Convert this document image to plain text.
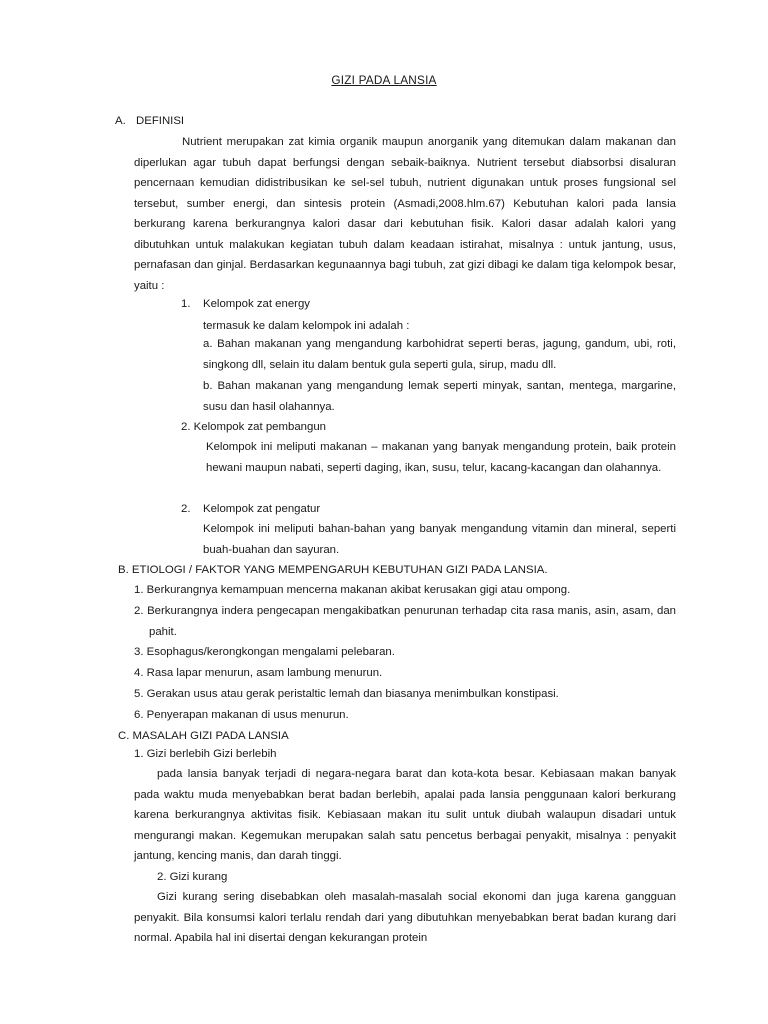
GIZI PADA LANSIA
A. DEFINISI
Nutrient merupakan zat kimia organik maupun anorganik yang ditemukan dalam makanan dan diperlukan agar tubuh dapat berfungsi dengan sebaik-baiknya. Nutrient tersebut diabsorbsi disaluran pencernaan kemudian didistribusikan ke sel-sel tubuh, nutrient digunakan untuk proses fungsional sel tersebut, sumber energi, dan sintesis protein (Asmadi,2008.hlm.67) Kebutuhan kalori pada lansia berkurang karena berkurangnya kalori dasar dari kebutuhan fisik. Kalori dasar adalah kalori yang dibutuhkan untuk malakukan kegiatan tubuh dalam keadaan istirahat, misalnya : untuk jantung, usus, pernafasan dan ginjal. Berdasarkan kegunaannya bagi tubuh, zat gizi dibagi ke dalam tiga kelompok besar, yaitu :
1. Kelompok zat energy
termasuk ke dalam kelompok ini adalah :
a. Bahan makanan yang mengandung karbohidrat seperti beras, jagung, gandum, ubi, roti, singkong dll, selain itu dalam bentuk gula seperti gula, sirup, madu dll.
b. Bahan makanan yang mengandung lemak seperti minyak, santan, mentega, margarine, susu dan hasil olahannya.
2. Kelompok zat pembangun
Kelompok ini meliputi makanan – makanan yang banyak mengandung protein, baik protein hewani maupun nabati, seperti daging, ikan, susu, telur, kacang-kacangan dan olahannya.
2. Kelompok zat pengatur
Kelompok ini meliputi bahan-bahan yang banyak mengandung vitamin dan mineral, seperti buah-buahan dan sayuran.
B. ETIOLOGI / FAKTOR YANG MEMPENGARUH KEBUTUHAN GIZI PADA LANSIA.
1. Berkurangnya kemampuan mencerna makanan akibat kerusakan gigi atau ompong.

2. Berkurangnya indera pengecapan mengakibatkan penurunan terhadap cita rasa manis, asin, asam, dan pahit.

3. Esophagus/kerongkongan mengalami pelebaran.
4. Rasa lapar menurun, asam lambung menurun.
5. Gerakan usus atau gerak peristaltic lemah dan biasanya menimbulkan konstipasi.
6. Penyerapan makanan di usus menurun.
C. MASALAH GIZI PADA LANSIA
1. Gizi berlebih Gizi berlebih
pada lansia banyak terjadi di negara-negara barat dan kota-kota besar. Kebiasaan makan banyak pada waktu muda menyebabkan berat badan berlebih, apalai pada lansia penggunaan kalori berkurang karena berkurangnya aktivitas fisik. Kebiasaan makan itu sulit untuk diubah walaupun disadari untuk mengurangi makan. Kegemukan merupakan salah satu pencetus berbagai penyakit, misalnya : penyakit jantung, kencing manis, dan darah tinggi.
2. Gizi kurang
Gizi kurang sering disebabkan oleh masalah-masalah social ekonomi dan juga karena gangguan penyakit. Bila konsumsi kalori terlalu rendah dari yang dibutuhkan menyebabkan berat badan kurang dari normal. Apabila hal ini disertai dengan kekurangan protein
